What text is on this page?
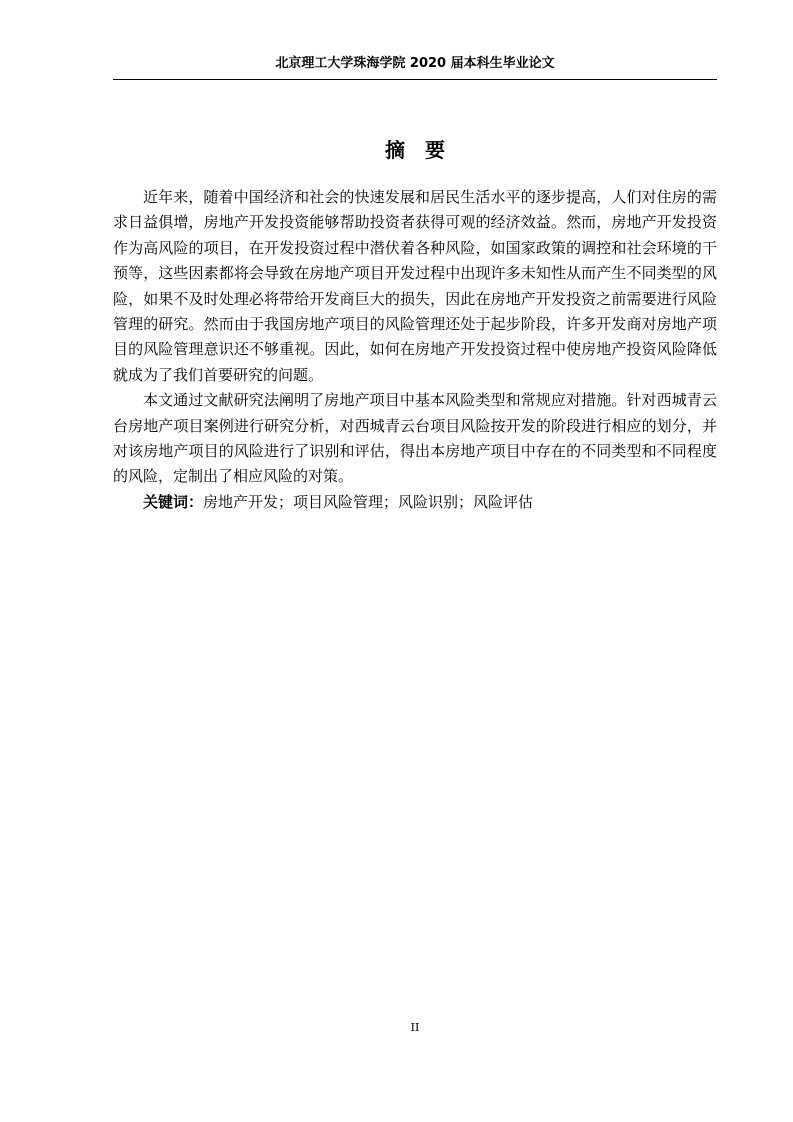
北京理工大学珠海学院 2020 届本科生毕业论文
摘要

近年来，随着中国经济和社会的快速发展和居民生活水平的逐步提高，人们对住房的需求日益俱增，房地产开发投资能够帮助投资者获得可观的经济效益。然而，房地产开发投资作为高风险的项目，在开发投资过程中潜伏着各种风险，如国家政策的调控和社会环境的干预等，这些因素都将会导致在房地产项目开发过程中出现许多未知性从而产生不同类型的风险，如果不及时处理必将带给开发商巨大的损失，因此在房地产开发投资之前需要进行风险管理的研究。然而由于我国房地产项目的风险管理还处于起步阶段，许多开发商对房地产项目的风险管理意识还不够重视。因此，如何在房地产开发投资过程中使房地产投资风险降低就成为了我们首要研究的问题。

本文通过文献研究法阐明了房地产项目中基本风险类型和常规应对措施。针对西城青云台房地产项目案例进行研究分析，对西城青云台项目风险按开发的阶段进行相应的划分，并对该房地产项目的风险进行了识别和评估，得出本房地产项目中存在的不同类型和不同程度的风险，定制出了相应风险的对策。

关键词：房地产开发；项目风险管理；风险识别；风险评估

II
